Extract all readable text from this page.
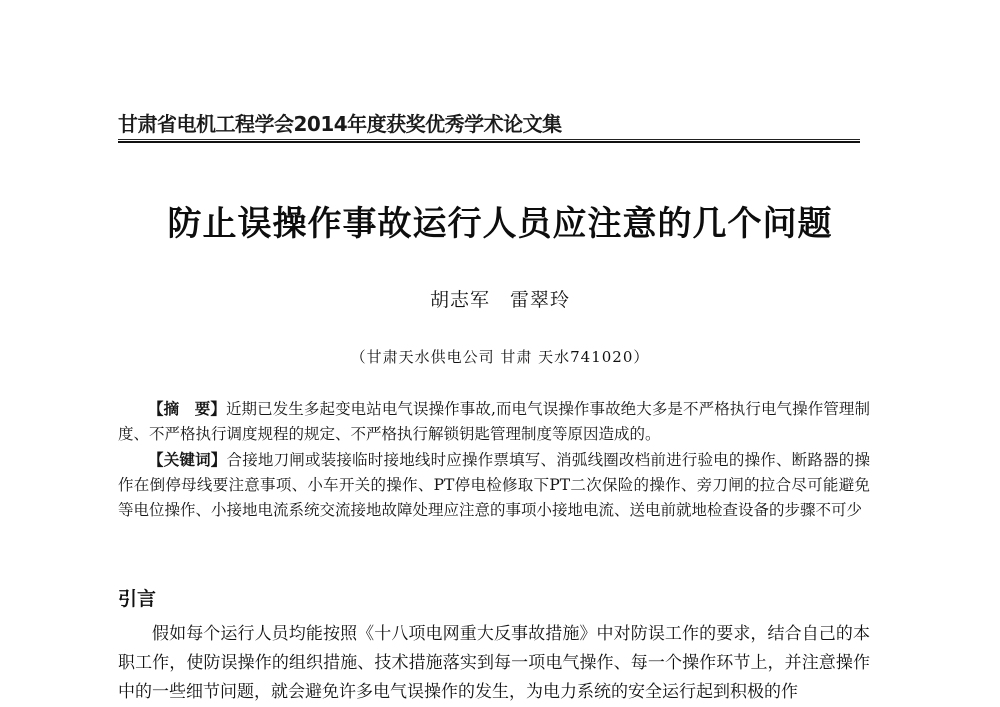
甘肃省电机工程学会2014年度获奖优秀学术论文集
防止误操作事故运行人员应注意的几个问题
胡志军　雷翠玲
（甘肃天水供电公司 甘肃 天水741020）
【摘　要】近期已发生多起变电站电气误操作事故,而电气误操作事故绝大多是不严格执行电气操作管理制度、不严格执行调度规程的规定、不严格执行解锁钥匙管理制度等原因造成的。
【关键词】合接地刀闸或装接临时接地线时应操作票填写、消弧线圈改档前进行验电的操作、断路器的操作在倒停母线要注意事项、小车开关的操作、PT停电检修取下PT二次保险的操作、旁刀闸的拉合尽可能避免等电位操作、小接地电流系统交流接地故障处理应注意的事项小接地电流、送电前就地检查设备的步骤不可少
引言
假如每个运行人员均能按照《十八项电网重大反事故措施》中对防误工作的要求，结合自己的本职工作，使防误操作的组织措施、技术措施落实到每一项电气操作、每一个操作环节上，并注意操作中的一些细节问题，就会避免许多电气误操作的发生，为电力系统的安全运行起到积极的作
